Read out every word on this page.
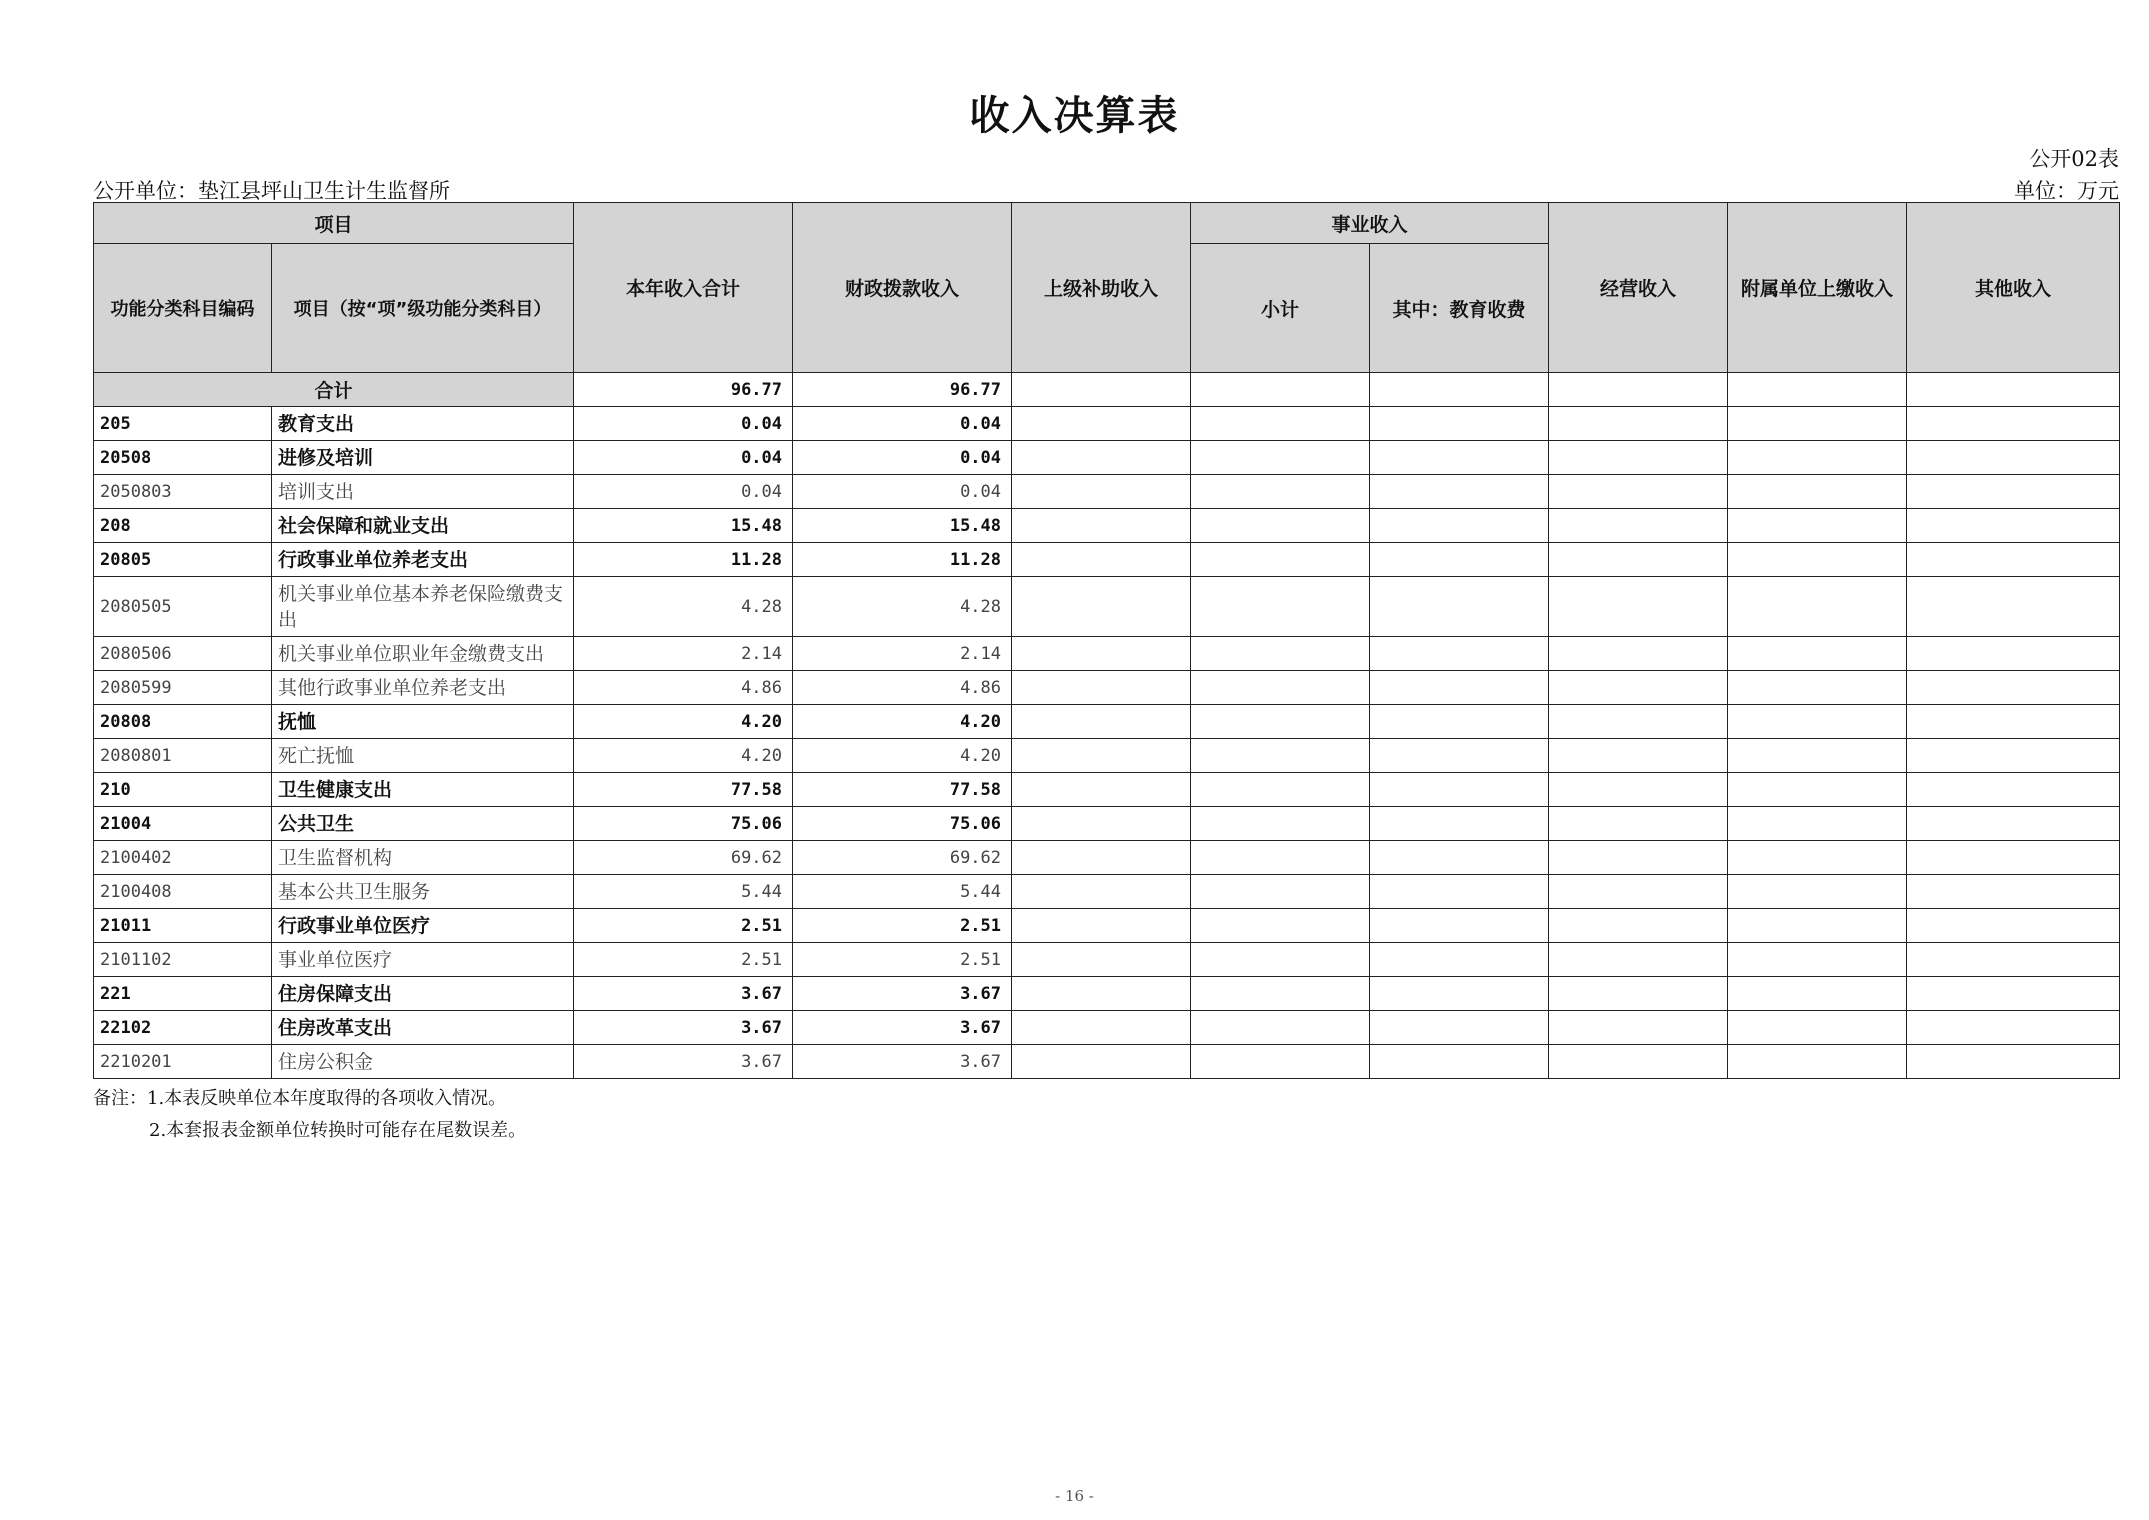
收入决算表
公开02表
公开单位：垫江县坪山卫生计生监督所	单位：万元
项目		本年收入合计	财政拨款收入	上级补助收入	事业收入		经营收入	附属单位上缴收入	其他收入
功能分类科目编码	项目（按“项”级功能分类科目）				小计	其中：教育收费			
合计		96.77	96.77						
205	教育支出	0.04	0.04						
20508	进修及培训	0.04	0.04						
2050803	培训支出	0.04	0.04						
208	社会保障和就业支出	15.48	15.48						
20805	行政事业单位养老支出	11.28	11.28						
2080505	机关事业单位基本养老保险缴费支出	4.28	4.28						
2080506	机关事业单位职业年金缴费支出	2.14	2.14						
2080599	其他行政事业单位养老支出	4.86	4.86						
20808	抚恤	4.20	4.20						
2080801	死亡抚恤	4.20	4.20						
210	卫生健康支出	77.58	77.58						
21004	公共卫生	75.06	75.06						
2100402	卫生监督机构	69.62	69.62						
2100408	基本公共卫生服务	5.44	5.44						
21011	行政事业单位医疗	2.51	2.51						
2101102	事业单位医疗	2.51	2.51						
221	住房保障支出	3.67	3.67						
22102	住房改革支出	3.67	3.67						
2210201	住房公积金	3.67	3.67						
备注：1.本表反映单位本年度取得的各项收入情况。
2.本套报表金额单位转换时可能存在尾数误差。
- 16 -
